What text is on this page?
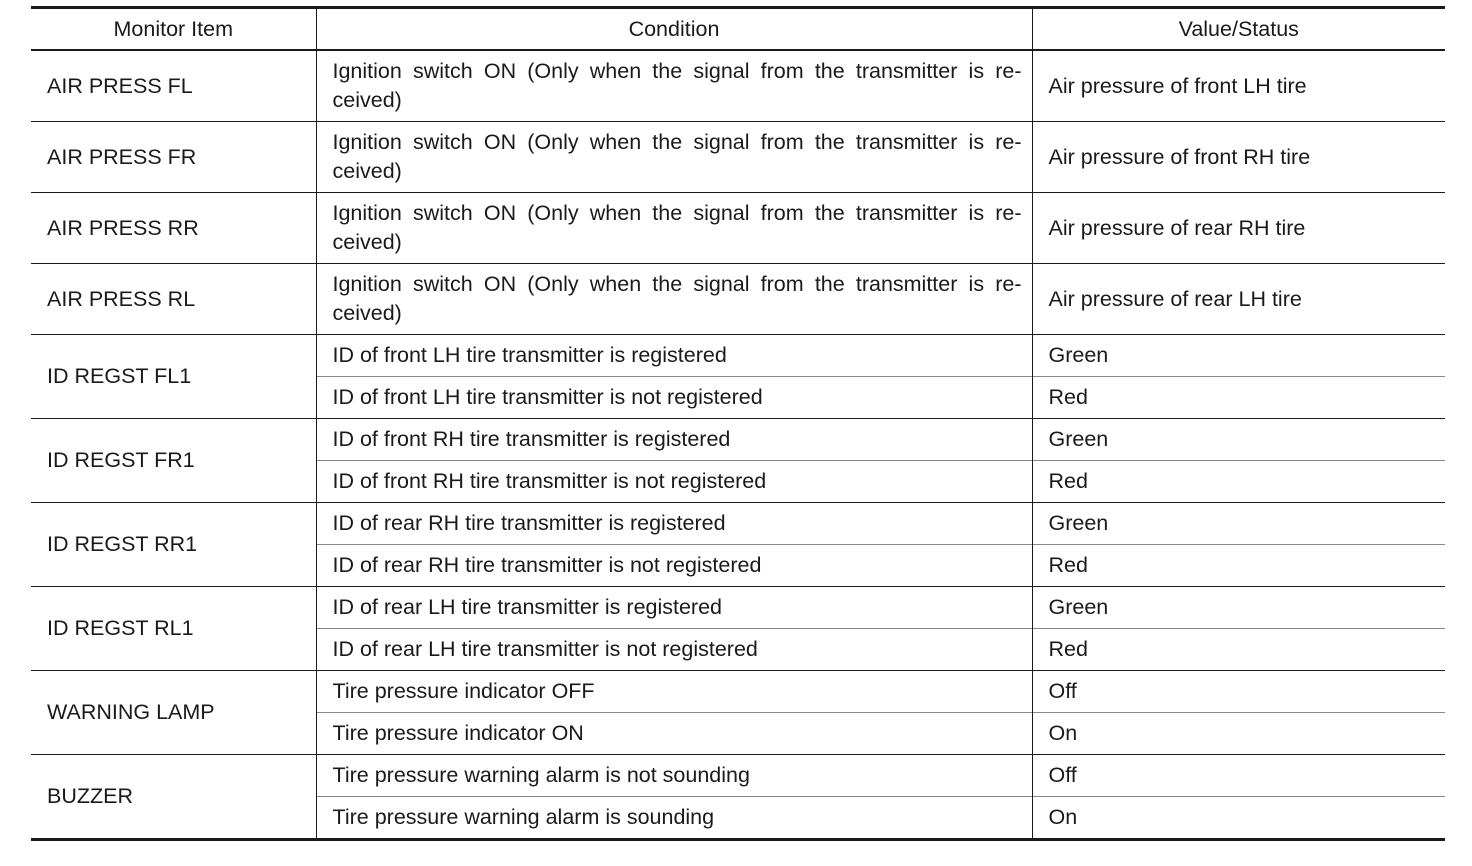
Monitor Item	Condition	Value/Status
AIR PRESS FL	Ignition switch ON (Only when the signal from the transmitter is re-ceived)	Air pressure of front LH tire
AIR PRESS FR	Ignition switch ON (Only when the signal from the transmitter is re-ceived)	Air pressure of front RH tire
AIR PRESS RR	Ignition switch ON (Only when the signal from the transmitter is re-ceived)	Air pressure of rear RH tire
AIR PRESS RL	Ignition switch ON (Only when the signal from the transmitter is re-ceived)	Air pressure of rear LH tire
ID REGST FL1	ID of front LH tire transmitter is registered	Green
	ID of front LH tire transmitter is not registered	Red
ID REGST FR1	ID of front RH tire transmitter is registered	Green
	ID of front RH tire transmitter is not registered	Red
ID REGST RR1	ID of rear RH tire transmitter is registered	Green
	ID of rear RH tire transmitter is not registered	Red
ID REGST RL1	ID of rear LH tire transmitter is registered	Green
	ID of rear LH tire transmitter is not registered	Red
WARNING LAMP	Tire pressure indicator OFF	Off
	Tire pressure indicator ON	On
BUZZER	Tire pressure warning alarm is not sounding	Off
	Tire pressure warning alarm is sounding	On
